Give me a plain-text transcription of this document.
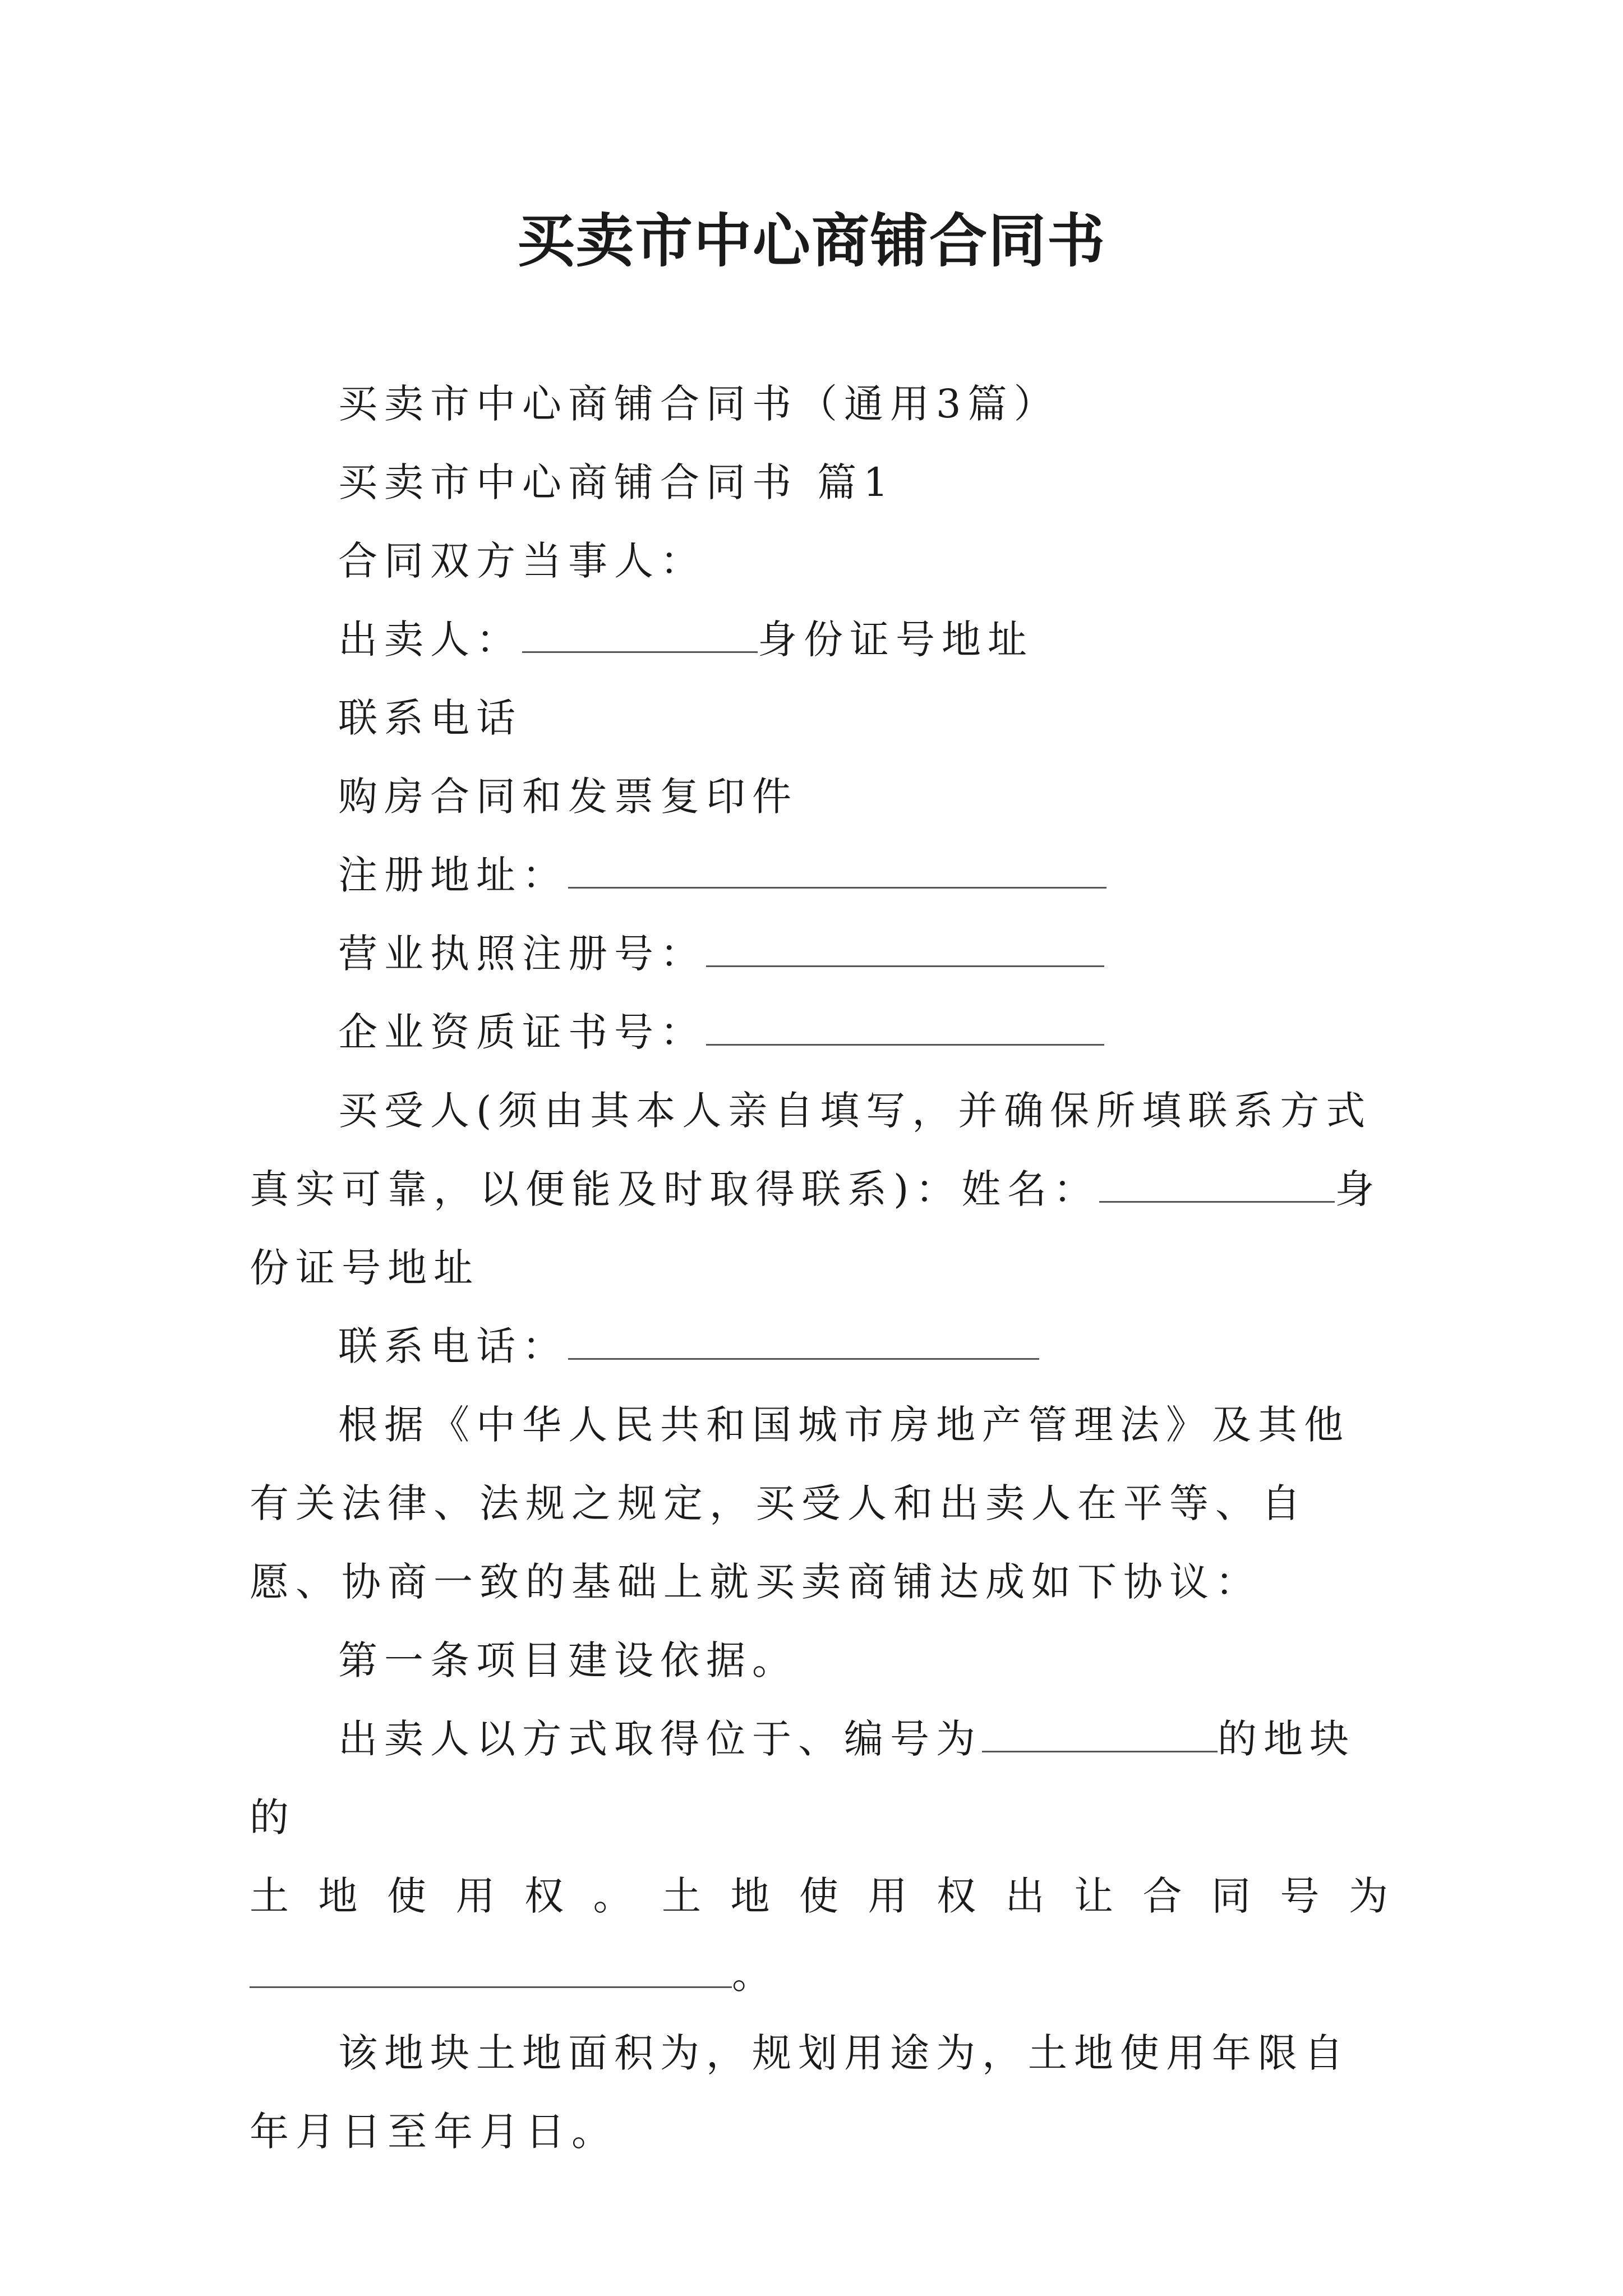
买卖市中心商铺合同书

买卖市中心商铺合同书（通用3篇）

买卖市中心商铺合同书 篇1

合同双方当事人：

出卖人：	身份证号地址

联系电话

购房合同和发票复印件

注册地址：

营业执照注册号：

企业资质证书号：

买受人(须由其本人亲自填写，并确保所填联系方式真实可靠，以便能及时取得联系)：姓名：	身份证号地址

联系电话：

根据《中华人民共和国城市房地产管理法》及其他有关法律、法规之规定，买受人和出卖人在平等、自愿、协商一致的基础上就买卖商铺达成如下协议：

第一条项目建设依据。

出卖人以方式取得位于、编号为	的地块的

土地使用权。土地使用权出让合同号为

。

该地块土地面积为，规划用途为，土地使用年限自年月日至年月日。
